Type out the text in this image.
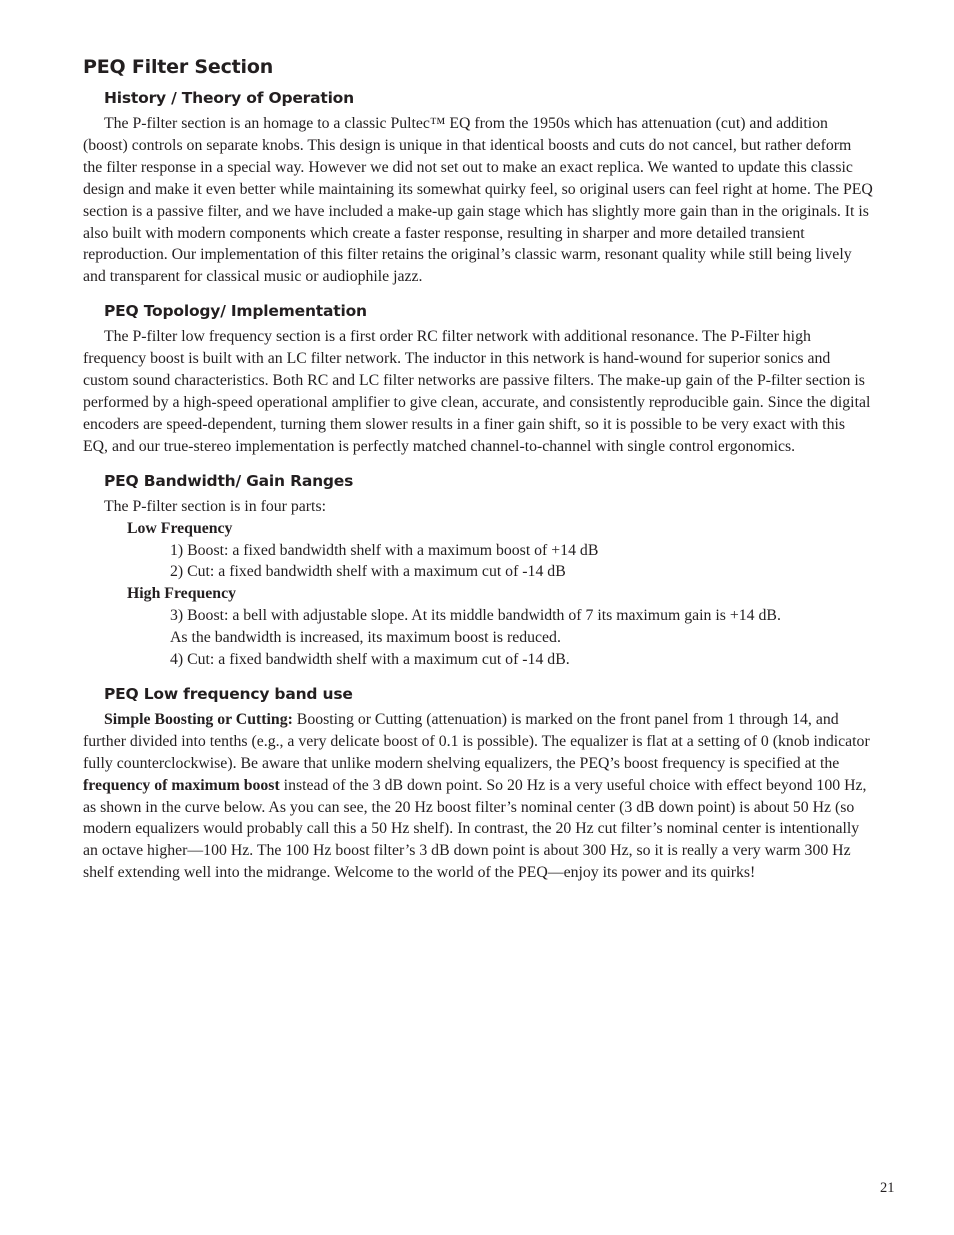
PEQ Filter Section
History / Theory of Operation

The P-filter section is an homage to a classic Pultec™ EQ from the 1950s which has attenuation (cut) and addition (boost) controls on separate knobs. This design is unique in that identical boosts and cuts do not cancel, but rather deform the filter response in a special way. However we did not set out to make an exact replica. We wanted to update this classic design and make it even better while maintaining its somewhat quirky feel, so original users can feel right at home. The PEQ section is a passive filter, and we have included a make-up gain stage which has slightly more gain than in the originals. It is also built with modern components which create a faster response, resulting in sharper and more detailed transient reproduction. Our implementation of this filter retains the original’s classic warm, resonant quality while still being lively and transparent for classical music or audiophile jazz.

PEQ Topology/ Implementation

The P-filter low frequency section is a first order RC filter network with additional resonance. The P-Filter high frequency boost is built with an LC filter network. The inductor in this network is hand-wound for superior sonics and custom sound characteristics. Both RC and LC filter networks are passive filters. The make-up gain of the P-filter section is performed by a high-speed operational amplifier to give clean, accurate, and consistently reproducible gain. Since the digital encoders are speed-dependent, turning them slower results in a finer gain shift, so it is possible to be very exact with this EQ, and our true-stereo implementation is perfectly matched channel-to-channel with single control ergonomics.

PEQ Bandwidth/ Gain Ranges
The P-filter section is in four parts:
Low Frequency
1) Boost: a fixed bandwidth shelf with a maximum boost of +14 dB
2) Cut: a fixed bandwidth shelf with a maximum cut of -14 dB
High Frequency
3) Boost: a bell with adjustable slope. At its middle bandwidth of 7 its maximum gain is +14 dB.
As the bandwidth is increased, its maximum boost is reduced.
4) Cut: a fixed bandwidth shelf with a maximum cut of -14 dB.
PEQ Low frequency band use

Simple Boosting or Cutting: Boosting or Cutting (attenuation) is marked on the front panel from 1 through 14, and further divided into tenths (e.g., a very delicate boost of 0.1 is possible). The equalizer is flat at a setting of 0 (knob indicator fully counterclockwise). Be aware that unlike modern shelving equalizers, the PEQ’s boost frequency is specified at the frequency of maximum boost instead of the 3 dB down point. So 20 Hz is a very useful choice with effect beyond 100 Hz, as shown in the curve below. As you can see, the 20 Hz boost filter’s nominal center (3 dB down point) is about 50 Hz (so modern equalizers would probably call this a 50 Hz shelf). In contrast, the 20 Hz cut filter’s nominal center is intentionally an octave higher—100 Hz. The 100 Hz boost filter’s 3 dB down point is about 300 Hz, so it is really a very warm 300 Hz shelf extending well into the midrange. Welcome to the world of the PEQ—enjoy its power and its quirks!

21
